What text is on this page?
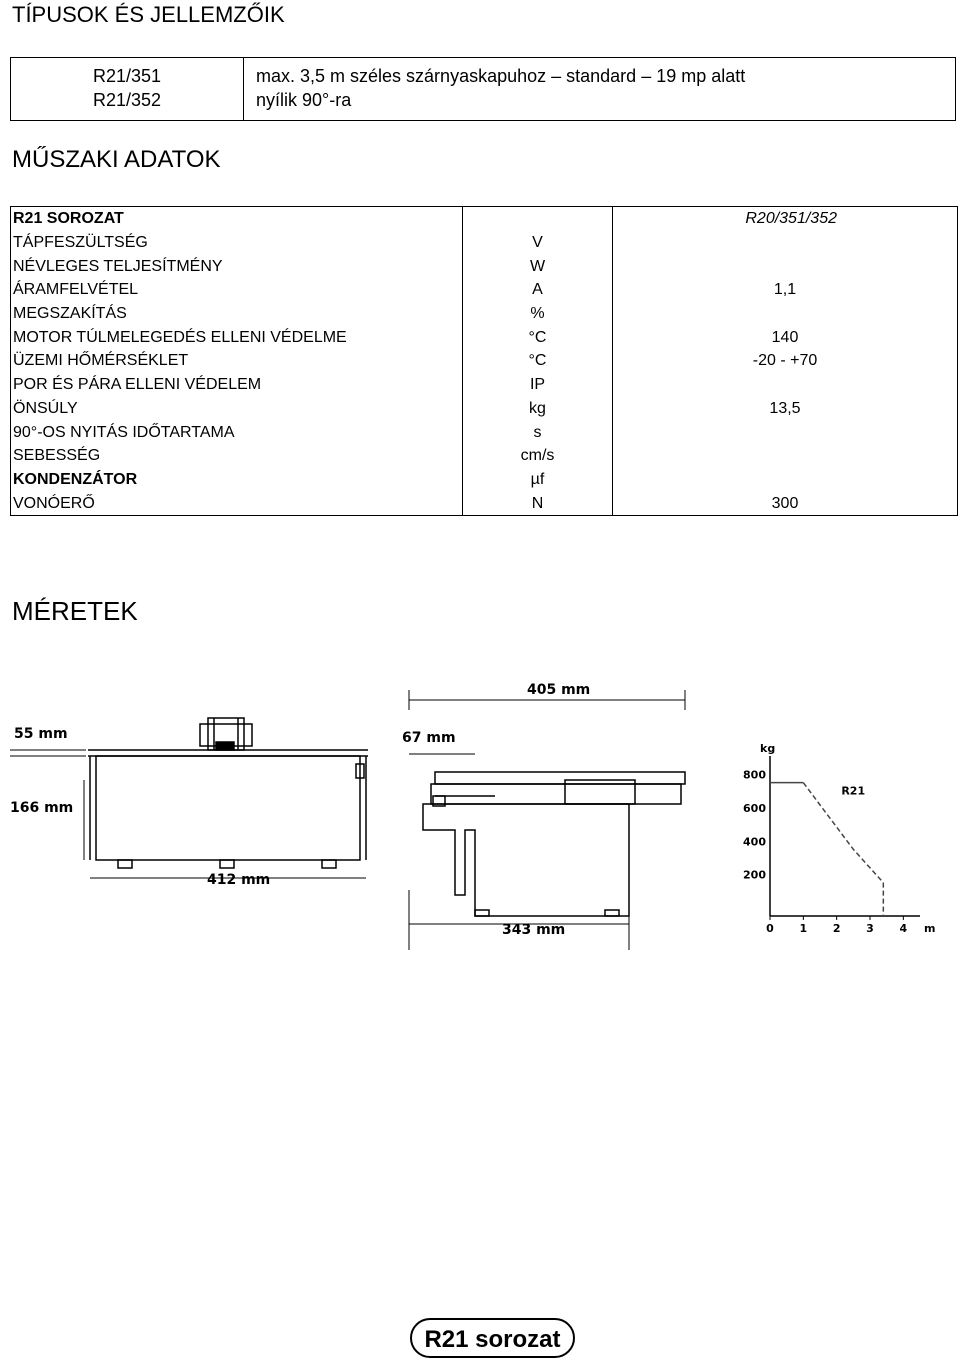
TÍPUSOK ÉS JELLEMZŐIK
R21/351
R21/352
max. 3,5 m széles szárnyaskapuhoz – standard – 19 mp alatt
nyílik 90°-ra
MŰSZAKI ADATOK
R21 SOROZAT		R20/351/352
TÁPFESZÜLTSÉG	V	
NÉVLEGES TELJESÍTMÉNY	W	
ÁRAMFELVÉTEL	A	1,1
MEGSZAKÍTÁS	%	
MOTOR TÚLMELEGEDÉS ELLENI VÉDELME	°C	140
ÜZEMI HŐMÉRSÉKLET	°C	-20 - +70
POR ÉS PÁRA ELLENI VÉDELEM	IP	
ÖNSÚLY	kg	13,5
90°-OS NYITÁS IDŐTARTAMA	s	
SEBESSÉG	cm/s	
KONDENZÁTOR	µf	
VONÓERŐ	N	300
MÉRETEK
55 mm
166 mm
412 mm
405 mm
67 mm
343 mm	0 1 2 3 4 m
200
400
600
800
kg
R21
R21 sorozat
